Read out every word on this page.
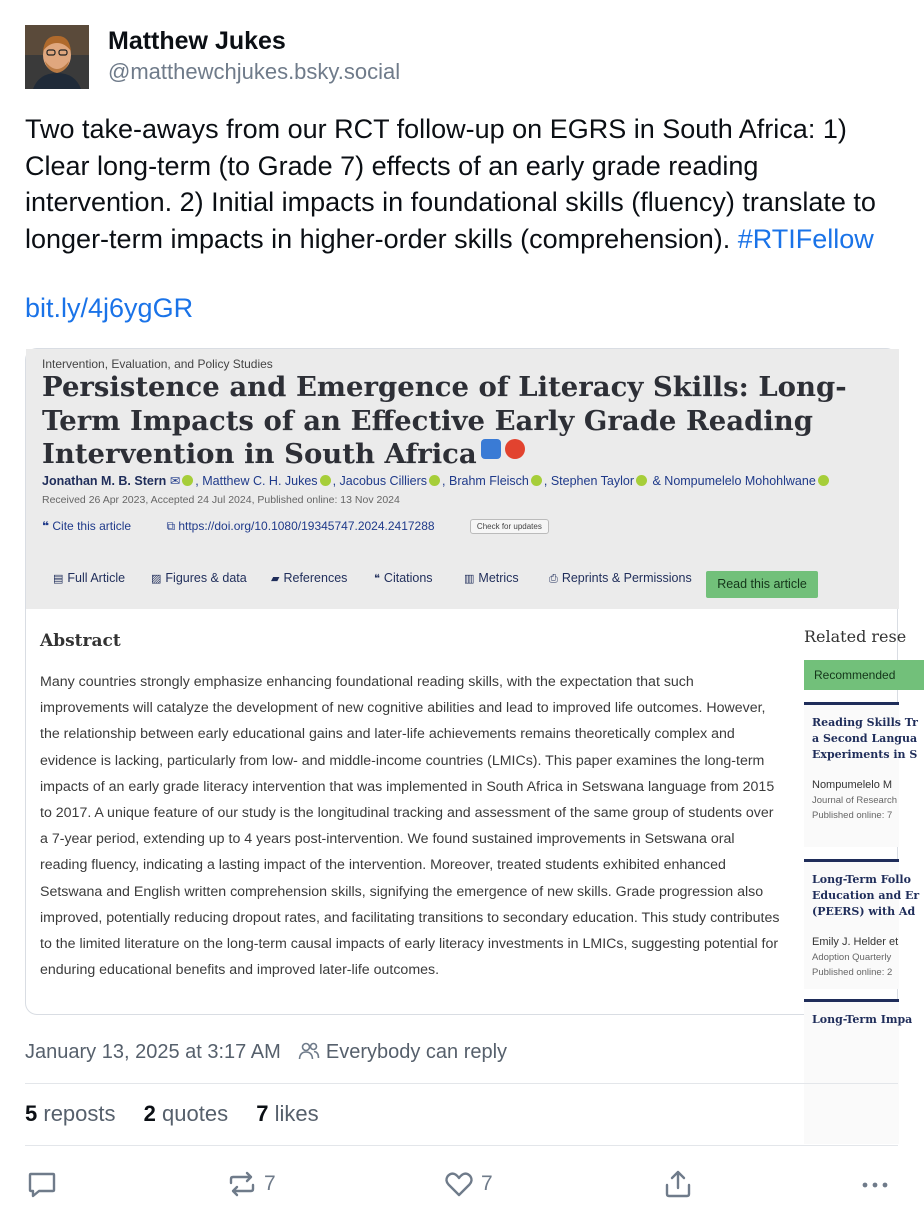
Matthew Jukes
@matthewchjukes.bsky.social
Two take-aways from our RCT follow-up on EGRS in South Africa: 1) Clear long-term (to Grade 7) effects of an early grade reading intervention. 2) Initial impacts in foundational skills (fluency) translate to longer-term impacts in higher-order skills (comprehension). #RTIFellow
bit.ly/4j6ygGR
Intervention, Evaluation, and Policy Studies
Persistence and Emergence of Literacy Skills: Long-Term Impacts of an Effective Early Grade Reading Intervention in South Africa
Jonathan M. B. Stern ✉ , Matthew C. H. Jukes , Jacobus Cilliers , Brahm Fleisch , Stephen Taylor & Nompumelelo Mohohlwane
Received 26 Apr 2023, Accepted 24 Jul 2024, Published online: 13 Nov 2024
❝ Cite this article	⧉ https://doi.org/10.1080/19345747.2024.2417288	Check for updates
▤ Full Article ▨ Figures & data ▰ References ❝ Citations	▥ Metrics	⎙ Reprints & Permissions	Read this article
Abstract
Many countries strongly emphasize enhancing foundational reading skills, with the expectation that such improvements will catalyze the development of new cognitive abilities and lead to improved life outcomes. However, the relationship between early educational gains and later-life achievements remains theoretically complex and evidence is lacking, particularly from low- and middle-income countries (LMICs). This paper examines the long-term impacts of an early grade literacy intervention that was implemented in South Africa in Setswana language from 2015 to 2017. A unique feature of our study is the longitudinal tracking and assessment of the same group of students over a 7-year period, extending up to 4 years post-intervention. We found sustained improvements in Setswana oral reading fluency, indicating a lasting impact of the intervention. Moreover, treated students exhibited enhanced Setswana and English written comprehension skills, signifying the emergence of new skills. Grade progression also improved, potentially reducing dropout rates, and facilitating transitions to secondary education. This study contributes to the limited literature on the long-term causal impacts of early literacy investments in LMICs, suggesting potential for enduring educational benefits and improved later-life outcomes.
Related rese
Recommended
Reading Skills Tr
a Second Langua
Experiments in S
Nompumelelo M
Journal of Research
Published online: 7
Long-Term Follo
Education and Er
(PEERS) with Ad
Emily J. Helder et
Adoption Quarterly
Published online: 2
Long-Term Impa
January 13, 2025 at 3:17 AM Everybody can reply
5 reposts 2 quotes 7 likes
7	7
